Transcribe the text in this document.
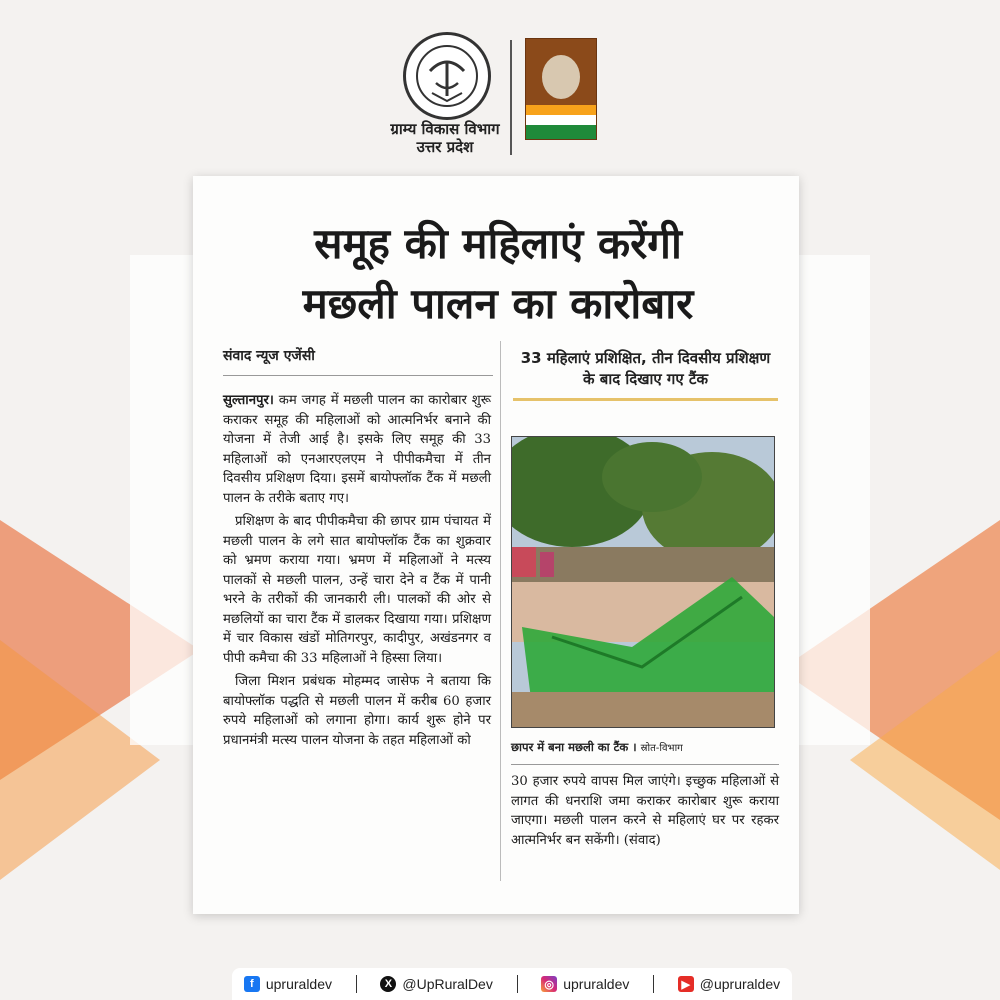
ग्राम्य विकास विभाग
उत्तर प्रदेश
समूह की महिलाएं करेंगी
मछली पालन का कारोबार
संवाद न्यूज एजेंसी

सुल्तानपुर। कम जगह में मछली पालन का कारोबार शुरू कराकर समूह की महिलाओं को आत्मनिर्भर बनाने की योजना में तेजी आई है। इसके लिए समूह की 33 महिलाओं को एनआरएलएम ने पीपीकमैचा में तीन दिवसीय प्रशिक्षण दिया। इसमें बायोफ्लॉक टैंक में मछली पालन के तरीके बताए गए।

प्रशिक्षण के बाद पीपीकमैचा की छापर ग्राम पंचायत में मछली पालन के लगे सात बायोफ्लॉक टैंक का शुक्रवार को भ्रमण कराया गया। भ्रमण में महिलाओं ने मत्स्य पालकों से मछली पालन, उन्हें चारा देने व टैंक में पानी भरने के तरीकों की जानकारी ली। पालकों की ओर से मछलियों का चारा टैंक में डालकर दिखाया गया। प्रशिक्षण में चार विकास खंडों मोतिगरपुर, कादीपुर, अखंडनगर व पीपी कमैचा की 33 महिलाओं ने हिस्सा लिया।

जिला मिशन प्रबंधक मोहम्मद जासेफ ने बताया कि बायोफ्लॉक पद्धति से मछली पालन में करीब 60 हजार रुपये महिलाओं को लगाना होगा। कार्य शुरू होने पर प्रधानमंत्री मत्स्य पालन योजना के तहत महिलाओं को

33 महिलाएं प्रशिक्षित, तीन दिवसीय प्रशिक्षण के बाद दिखाए गए टैंक
छापर में बना मछली का टैंक । स्रोत-विभाग

30 हजार रुपये वापस मिल जाएंगे। इच्छुक महिलाओं से लागत की धनराशि जमा कराकर कारोबार शुरू कराया जाएगा। मछली पालन करने से महिलाएं घर पर रहकर आत्मनिर्भर बन सकेंगी। (संवाद)

f upruraldev	X @UpRuralDev	◎ upruraldev	▶ @upruraldev
